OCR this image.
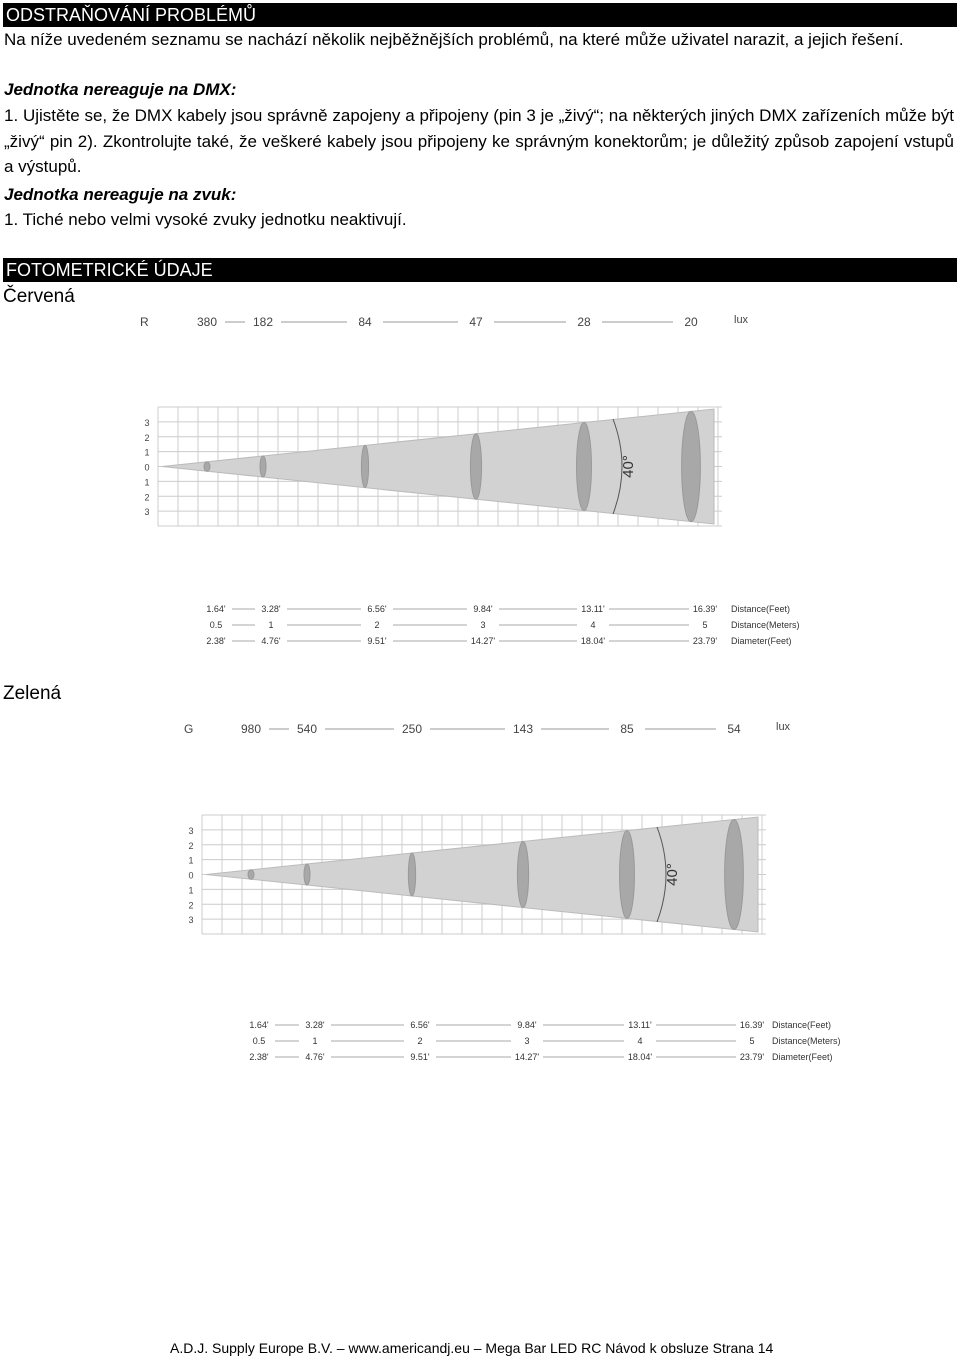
ODSTRAŇOVÁNÍ PROBLÉMŮ
Na níže uvedeném seznamu se nachází několik nejběžnějších problémů, na které může uživatel narazit, a jejich řešení.
Jednotka nereaguje na DMX:
1. Ujistěte se, že DMX kabely jsou správně zapojeny a připojeny (pin 3 je „živý“; na některých jiných DMX zařízeních může být „živý“ pin 2). Zkontrolujte také, že veškeré kabely jsou připojeny ke správným konektorům; je důležitý způsob zapojení vstupů a výstupů.
Jednotka nereaguje na zvuk:
1. Tiché nebo velmi vysoké zvuky jednotku neaktivují.
FOTOMETRICKÉ ÚDAJE
Červená
Zelená
R	380	182	84	47	28	20	lux
3
2
1
0
1
2
3
40°
1.64'	3.28'	6.56'	9.84'	13.11'	16.39' Distance(Feet)
0.5	1	2	3	4	5	Distance(Meters)
2.38'	4.76'	9.51'	14.27'	18.04'	23.79' Diameter(Feet)
G	980	540	250	143	85	54	lux
3
2
1
0
1
2
3
40°
1.64'	3.28'	6.56'	9.84'	13.11'	16.39' Distance(Feet)
0.5	1	2	3	4	5 Distance(Meters)
2.38'	4.76'	9.51'	14.27'	18.04'	23.79' Diameter(Feet)
A.D.J. Supply Europe B.V. – www.americandj.eu – Mega Bar LED RC Návod k obsluze Strana 14
